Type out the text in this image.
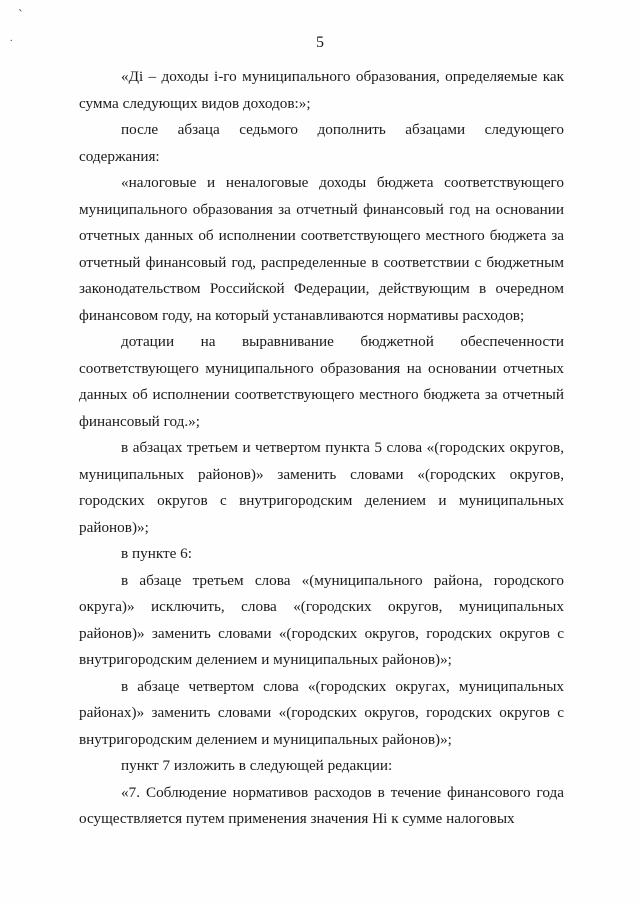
`
.	5

«Дi – доходы i-го муниципального образования, определяемые как сумма следующих видов доходов:»;

после абзаца седьмого дополнить абзацами следующего содержания:

«налоговые и неналоговые доходы бюджета соответствующего муниципального образования за отчетный финансовый год на основании отчетных данных об исполнении соответствующего местного бюджета за отчетный финансовый год, распределенные в соответствии с бюджетным законодательством Российской Федерации, действующим в очередном финансовом году, на который устанавливаются нормативы расходов;

дотации на выравнивание бюджетной обеспеченности соответствующего муниципального образования на основании отчетных данных об исполнении соответствующего местного бюджета за отчетный финансовый год.»;

в абзацах третьем и четвертом пункта 5 слова «(городских округов, муниципальных районов)» заменить словами «(городских округов, городских округов с внутригородским делением и муниципальных районов)»;

в пункте 6:

в абзаце третьем слова «(муниципального района, городского округа)» исключить, слова «(городских округов, муниципальных районов)» заменить словами «(городских округов, городских округов с внутригородским делением и муниципальных районов)»;

в абзаце четвертом слова «(городских округах, муниципальных районах)» заменить словами «(городских округов, городских округов с внутригородским делением и муниципальных районов)»;

пункт 7 изложить в следующей редакции:

«7. Соблюдение нормативов расходов в течение финансового года осуществляется путем применения значения Нi к сумме налоговых
